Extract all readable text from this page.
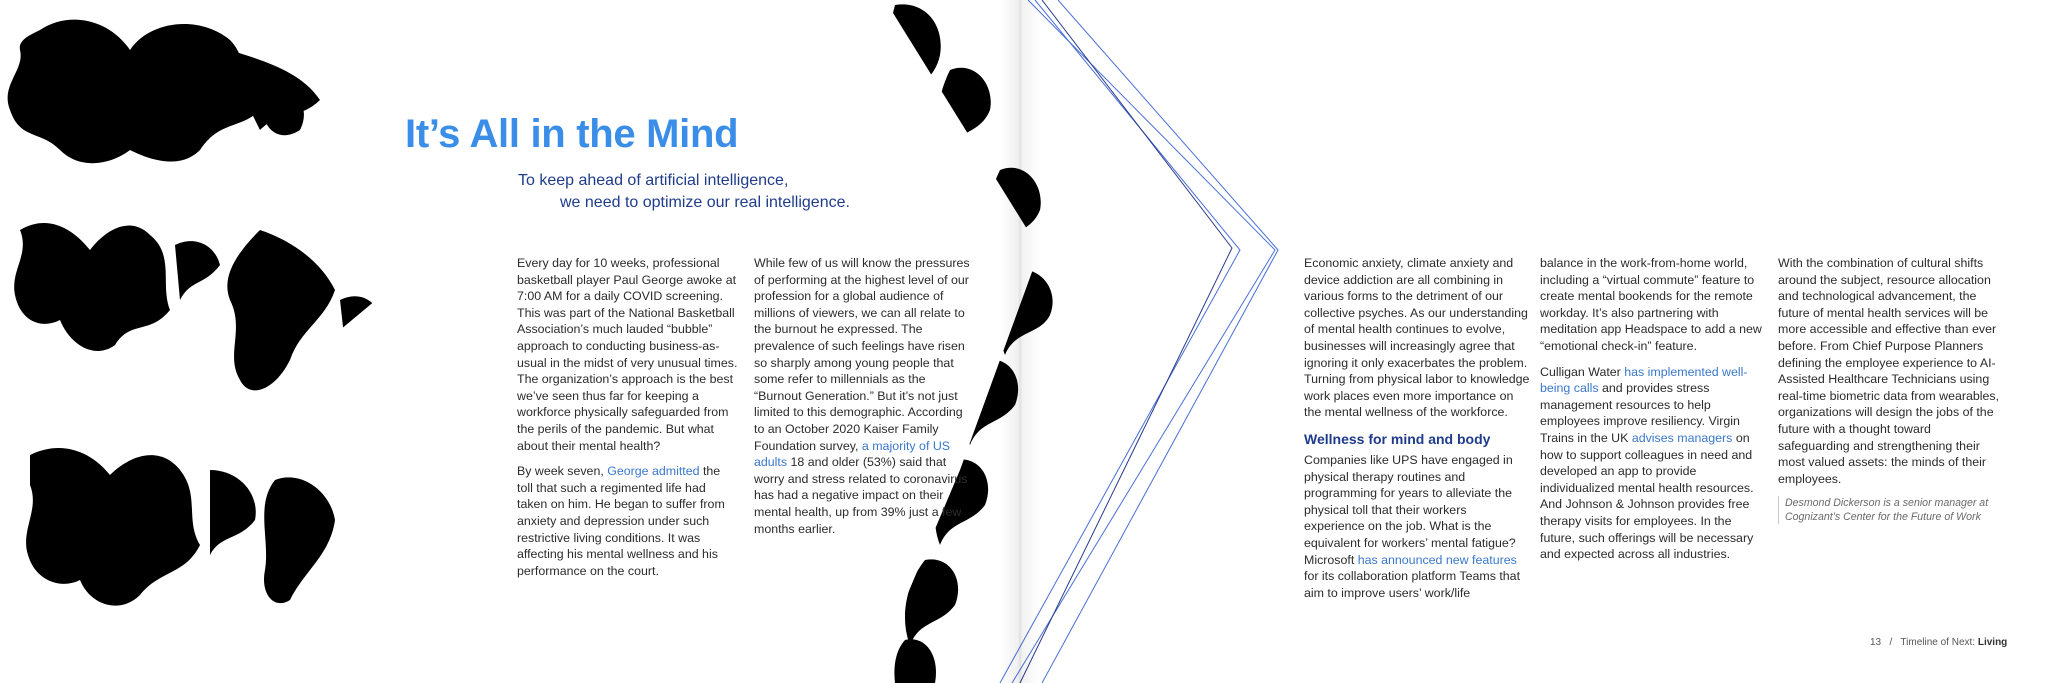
It’s All in the Mind
To keep ahead of artificial intelligence,
we need to optimize our real intelligence.

Every day for 10 weeks, professional basketball player Paul George awoke at 7:00 AM for a daily COVID screening. This was part of the National Basketball Association’s much lauded “bubble” approach to conducting business-as-usual in the midst of very unusual times. The organization’s approach is the best we’ve seen thus far for keeping a workforce physically safeguarded from the perils of the pandemic. But what about their mental health?

By week seven, George admitted the toll that such a regimented life had taken on him. He began to suffer from anxiety and depression under such restrictive living conditions. It was affecting his mental wellness and his performance on the court.

While few of us will know the pressures of performing at the highest level of our profession for a global audience of millions of viewers, we can all relate to the burnout he expressed. The prevalence of such feelings have risen so sharply among young people that some refer to millennials as the “Burnout Generation.” But it’s not just limited to this demographic. According to an October 2020 Kaiser Family Foundation survey, a majority of US adults 18 and older (53%) said that worry and stress related to coronavirus has had a negative impact on their mental health, up from 39% just a few months earlier.

Economic anxiety, climate anxiety and device addiction are all combining in various forms to the detriment of our collective psyches. As our understanding of mental health continues to evolve, businesses will increasingly agree that ignoring it only exacerbates the problem. Turning from physical labor to knowledge work places even more importance on the mental wellness of the workforce.

Wellness for mind and body

Companies like UPS have engaged in physical therapy routines and programming for years to alleviate the physical toll that their workers experience on the job. What is the equivalent for workers’ mental fatigue? Microsoft has announced new features for its collaboration platform Teams that aim to improve users’ work/life

balance in the work-from-home world, including a “virtual commute” feature to create mental bookends for the remote workday. It’s also partnering with meditation app Headspace to add a new “emotional check-in” feature.

Culligan Water has implemented well-being calls and provides stress management resources to help employees improve resiliency. Virgin Trains in the UK advises managers on how to support colleagues in need and developed an app to provide individualized mental health resources. And Johnson & Johnson provides free therapy visits for employees. In the future, such offerings will be necessary and expected across all industries.

With the combination of cultural shifts around the subject, resource allocation and technological advancement, the future of mental health services will be more accessible and effective than ever before. From Chief Purpose Planners defining the employee experience to AI-Assisted Healthcare Technicians using real-time biometric data from wearables, organizations will design the jobs of the future with a thought toward safeguarding and strengthening their most valued assets: the minds of their employees.

Desmond Dickerson is a senior manager at Cognizant’s Center for the Future of Work
13 / Timeline of Next: Living
